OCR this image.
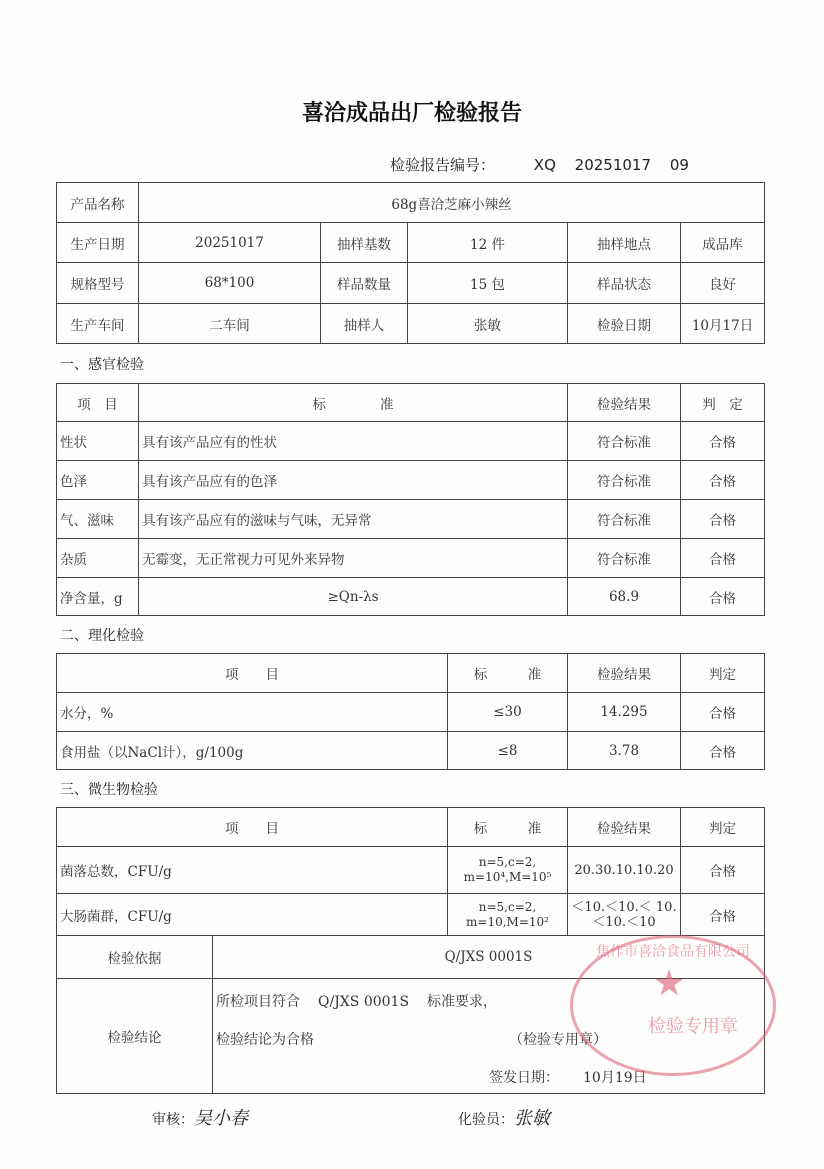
喜洽成品出厂检验报告
检验报告编号：	XQ 20251017 09
产品名称	68g喜洽芝麻小辣丝				
生产日期	20251017	抽样基数	12 件	抽样地点	成品库
规格型号	68*100	样品数量	15 包	样品状态	良好
生产车间	二车间	抽样人	张敏	检验日期	10月17日
一、感官检验
项　目	标　　　　准	检验结果	判　定
性状	具有该产品应有的性状	符合标准	合格
色泽	具有该产品应有的色泽	符合标准	合格
气、滋味	具有该产品应有的滋味与气味，无异常	符合标准	合格
杂质	无霉变，无正常视力可见外来异物	符合标准	合格
净含量，g	≥Qn-λs	68.9	合格
二、理化检验
项　　目	标　　　准	检验结果	判定
水分，%	≤30	14.295	合格
食用盐（以NaCl计），g/100g	≤8	3.78	合格
三、微生物检验
项　　目	标　　　准	检验结果	判定
菌落总数，CFU/g	n=5,c=2,
m=10⁴,M=10⁵	20.30.10.10.20	合格
大肠菌群，CFU/g	n=5,c=2,
m=10,M=10²	＜10.＜10.＜ 10.＜10.＜10	合格
检验依据	Q/JXS 0001S
检验结论	所检项目符合 Q/JXS 0001S 标准要求，
检验结论为合格 （检验专用章）
签发日期： 10月19日
焦作市喜洽食品有限公司
★
检验专用章
审核：吴小春	化验员：张敏
